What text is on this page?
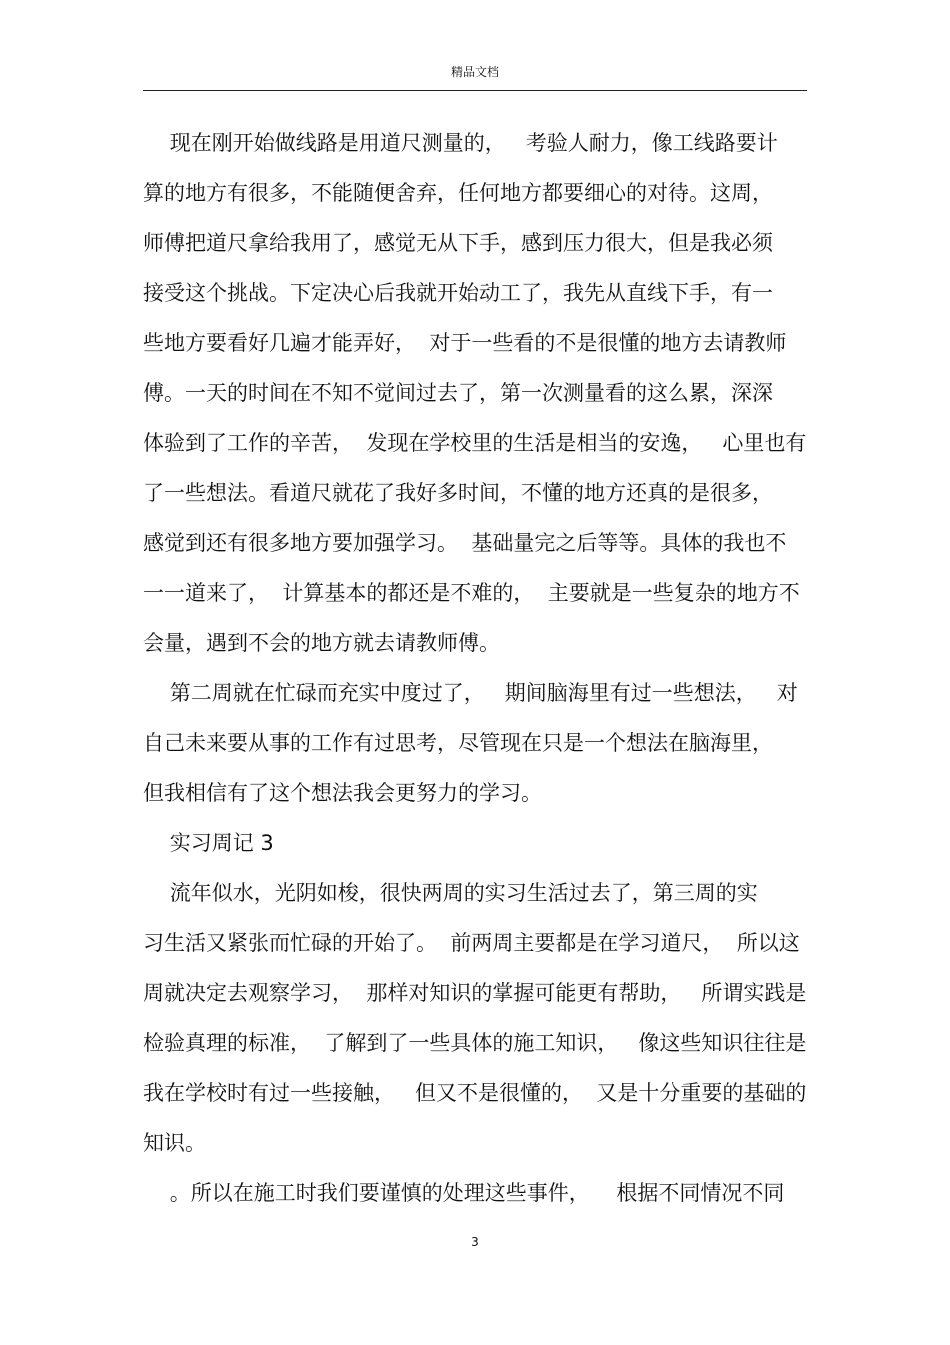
精品文档
现在刚开始做线路是用道尺测量的，   考验人耐力，像工线路要计
算的地方有很多，不能随便舍弃，任何地方都要细心的对待。这周，
师傅把道尺拿给我用了，感觉无从下手，感到压力很大，但是我必须
接受这个挑战。下定决心后我就开始动工了，我先从直线下手，有一
些地方要看好几遍才能弄好，  对于一些看的不是很懂的地方去请教师
傅。一天的时间在不知不觉间过去了，第一次测量看的这么累，深深
体验到了工作的辛苦，  发现在学校里的生活是相当的安逸，   心里也有
了一些想法。看道尺就花了我好多时间，不懂的地方还真的是很多，
感觉到还有很多地方要加强学习。  基础量完之后等等。具体的我也不
一一道来了，  计算基本的都还是不难的，  主要就是一些复杂的地方不
会量，遇到不会的地方就去请教师傅。
第二周就在忙碌而充实中度过了，   期间脑海里有过一些想法，   对
自己未来要从事的工作有过思考，尽管现在只是一个想法在脑海里，
但我相信有了这个想法我会更努力的学习。
实习周记 3
流年似水，光阴如梭，很快两周的实习生活过去了，第三周的实
习生活又紧张而忙碌的开始了。  前两周主要都是在学习道尺，  所以这
周就决定去观察学习，  那样对知识的掌握可能更有帮助，   所谓实践是
检验真理的标准，  了解到了一些具体的施工知识，   像这些知识往往是
我在学校时有过一些接触，   但又不是很懂的，  又是十分重要的基础的
知识。
。所以在施工时我们要谨慎的处理这些事件，    根据不同情况不同
3
